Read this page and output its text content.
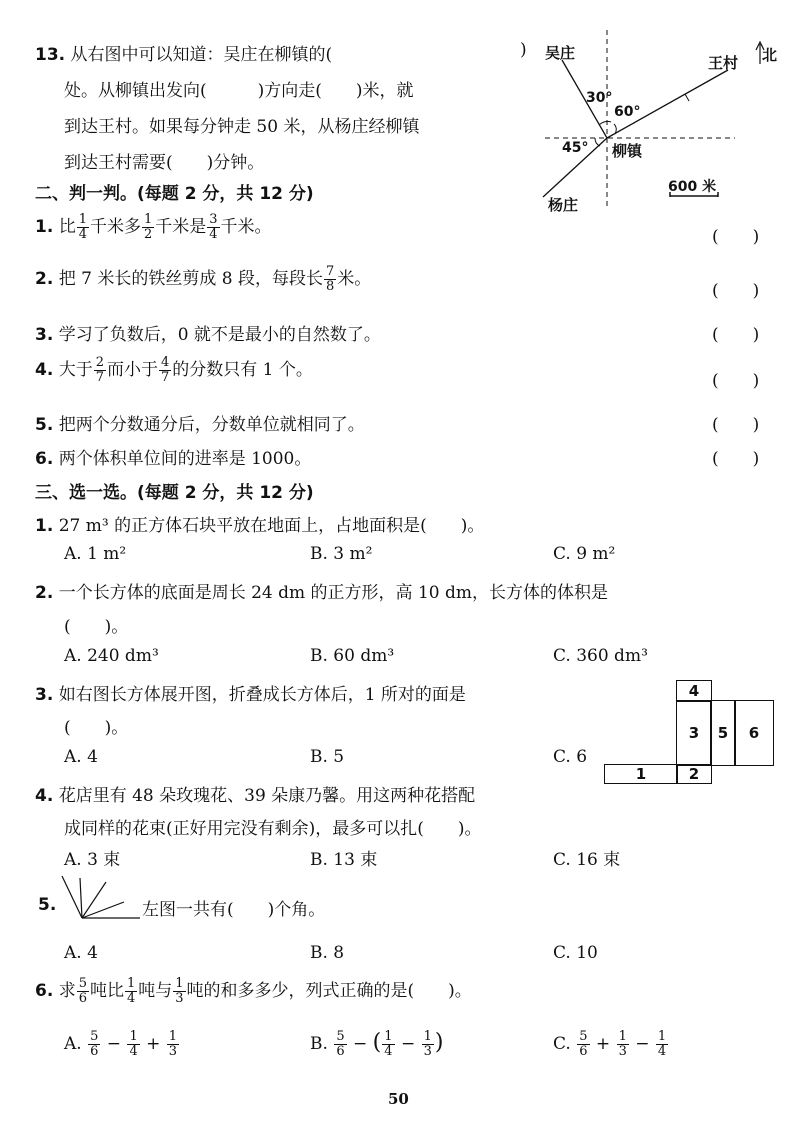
13. 从右图中可以知道：吴庄在柳镇的(	)
处。从柳镇出发向(　　　)方向走(　　)米，就
到达王村。如果每分钟走 50 米，从杨庄经柳镇
到达王村需要(　　)分钟。
吴庄
王村 北
30°
60°
45° 柳镇
杨庄
600 米
二、判一判。(每题 2 分，共 12 分)
1. 比 $\frac{1}{4}$ 千米多 $\frac{1}{2}$ 千米是 $\frac{3}{4}$ 千米。	(　　)
2. 把 7 米长的铁丝剪成 8 段，每段长 $\frac{7}{8}$ 米。
(　　)
3. 学习了负数后，0 就不是最小的自然数了。	(　　)
4. 大于 $\frac{2}{7}$ 而小于 $\frac{4}{7}$ 的分数只有 1 个。
(　　)
5. 把两个分数通分后，分数单位就相同了。	(　　)
6. 两个体积单位间的进率是 1000。	(　　)
三、选一选。(每题 2 分，共 12 分)
1. 27 m³ 的正方体石块平放在地面上，占地面积是(　　)。
A. 1 m²	B. 3 m²	C. 9 m²
2. 一个长方体的底面是周长 24 dm 的正方形，高 10 dm，长方体的体积是
(　　)。
A. 240 dm³	B. 60 dm³	C. 360 dm³
3. 如右图长方体展开图，折叠成长方体后，1 所对的面是
(　　)。
A. 4	B. 5	C. 6
4
3	5	6
1	2
4. 花店里有 48 朵玫瑰花、39 朵康乃馨。用这两种花搭配
成同样的花束(正好用完没有剩余)，最多可以扎(　　)。
A. 3 束	B. 13 束	C. 16 束
5.	左图一共有(　　)个角。
A. 4	B. 8	C. 10
6. 求 $\frac{5}{6}$ 吨比 $\frac{1}{4}$ 吨与 $\frac{1}{3}$ 吨的和多多少，列式正确的是(　　)。
A. $\frac{5}{6} - \frac{1}{4} + \frac{1}{3}$	B. $\frac{5}{6}$ − ( $\frac{1}{4} - \frac{1}{3}$ )	C. $\frac{5}{6} + \frac{1}{3} - \frac{1}{4}$
50
